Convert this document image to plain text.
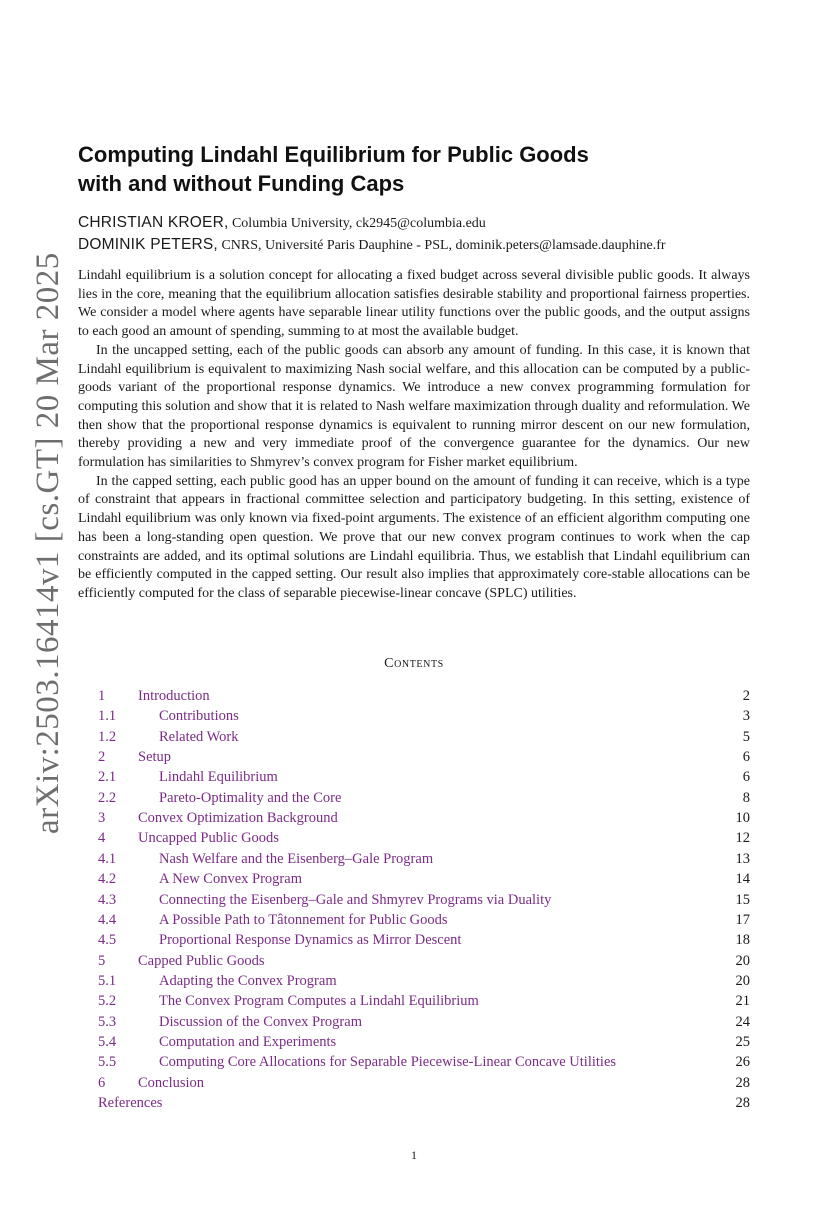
arXiv:2503.16414v1 [cs.GT] 20 Mar 2025
Computing Lindahl Equilibrium for Public Goods
with and without Funding Caps
CHRISTIAN KROER, Columbia University, ck2945@columbia.edu
DOMINIK PETERS, CNRS, Université Paris Dauphine - PSL, dominik.peters@lamsade.dauphine.fr

Lindahl equilibrium is a solution concept for allocating a fixed budget across several divisible public goods. It always lies in the core, meaning that the equilibrium allocation satisfies desirable stability and proportional fairness properties. We consider a model where agents have separable linear utility functions over the public goods, and the output assigns to each good an amount of spending, summing to at most the available budget.

In the uncapped setting, each of the public goods can absorb any amount of funding. In this case, it is known that Lindahl equilibrium is equivalent to maximizing Nash social welfare, and this allocation can be computed by a public-goods variant of the proportional response dynamics. We introduce a new convex programming formulation for computing this solution and show that it is related to Nash welfare maximization through duality and reformulation. We then show that the proportional response dynamics is equivalent to running mirror descent on our new formulation, thereby providing a new and very immediate proof of the convergence guarantee for the dynamics. Our new formulation has similarities to Shmyrev’s convex program for Fisher market equilibrium.

In the capped setting, each public good has an upper bound on the amount of funding it can receive, which is a type of constraint that appears in fractional committee selection and participatory budgeting. In this setting, existence of Lindahl equilibrium was only known via fixed-point arguments. The existence of an efficient algorithm computing one has been a long-standing open question. We prove that our new convex program continues to work when the cap constraints are added, and its optimal solutions are Lindahl equilibria. Thus, we establish that Lindahl equilibrium can be efficiently computed in the capped setting. Our result also implies that approximately core-stable allocations can be efficiently computed for the class of separable piecewise-linear concave (SPLC) utilities.

Contents
1 Introduction	2
1.1	Contributions	3
1.2	Related Work	5
2 Setup	6
2.1	Lindahl Equilibrium	6
2.2	Pareto-Optimality and the Core	8
3 Convex Optimization Background	10
4 Uncapped Public Goods	12
4.1	Nash Welfare and the Eisenberg–Gale Program	13
4.2	A New Convex Program	14
4.3	Connecting the Eisenberg–Gale and Shmyrev Programs via Duality	15
4.4	A Possible Path to Tâtonnement for Public Goods	17
4.5	Proportional Response Dynamics as Mirror Descent	18
5 Capped Public Goods	20
5.1	Adapting the Convex Program	20
5.2	The Convex Program Computes a Lindahl Equilibrium	21
5.3	Discussion of the Convex Program	24
5.4	Computation and Experiments	25
5.5	Computing Core Allocations for Separable Piecewise-Linear Concave Utilities	26
6 Conclusion	28
References	28
1
